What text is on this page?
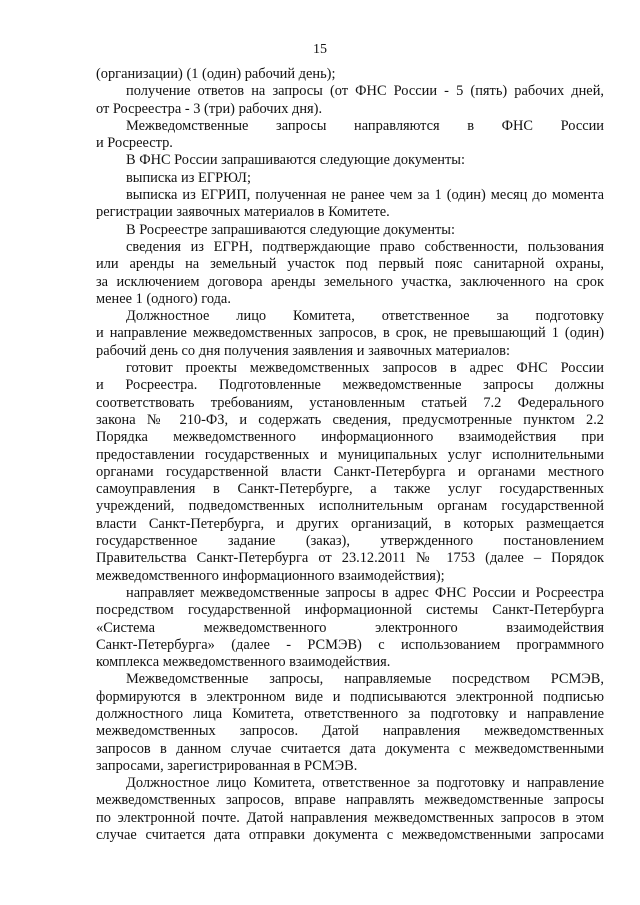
15
(организации) (1 (один) рабочий день);
получение ответов на запросы (от ФНС России - 5 (пять) рабочих дней,
от Росреестра - 3 (три) рабочих дня).
Межведомственные запросы направляются в ФНС России
и Росреестр.
В ФНС России запрашиваются следующие документы:
выписка из ЕГРЮЛ;
выписка из ЕГРИП, полученная не ранее чем за 1 (один) месяц до момента
регистрации заявочных материалов в Комитете.
В Росреестре запрашиваются следующие документы:
сведения из ЕГРН, подтверждающие право собственности, пользования
или аренды на земельный участок под первый пояс санитарной охраны,
за исключением договора аренды земельного участка, заключенного на срок
менее 1 (одного) года.
Должностное лицо Комитета, ответственное за подготовку
и направление межведомственных запросов, в срок, не превышающий 1 (один)
рабочий день со дня получения заявления и заявочных материалов:
готовит проекты межведомственных запросов в адрес ФНС России
и Росреестра. Подготовленные межведомственные запросы должны
соответствовать требованиям, установленным статьей 7.2 Федерального
закона № 210-ФЗ, и содержать сведения, предусмотренные пунктом 2.2
Порядка межведомственного информационного взаимодействия при
предоставлении государственных и муниципальных услуг исполнительными
органами государственной власти Санкт-Петербурга и органами местного
самоуправления в Санкт-Петербурге, а также услуг государственных
учреждений, подведомственных исполнительным органам государственной
власти Санкт-Петербурга, и других организаций, в которых размещается
государственное задание (заказ), утвержденного постановлением
Правительства Санкт-Петербурга от 23.12.2011 № 1753 (далее – Порядок
межведомственного информационного взаимодействия);
направляет межведомственные запросы в адрес ФНС России и Росреестра
посредством государственной информационной системы Санкт-Петербурга
«Система межведомственного электронного взаимодействия
Санкт-Петербурга» (далее - РСМЭВ) с использованием программного
комплекса межведомственного взаимодействия.
Межведомственные запросы, направляемые посредством РСМЭВ,
формируются в электронном виде и подписываются электронной подписью
должностного лица Комитета, ответственного за подготовку и направление
межведомственных запросов. Датой направления межведомственных
запросов в данном случае считается дата документа с межведомственными
запросами, зарегистрированная в РСМЭВ.
Должностное лицо Комитета, ответственное за подготовку и направление
межведомственных запросов, вправе направлять межведомственные запросы
по электронной почте. Датой направления межведомственных запросов в этом
случае считается дата отправки документа с межведомственными запросами
